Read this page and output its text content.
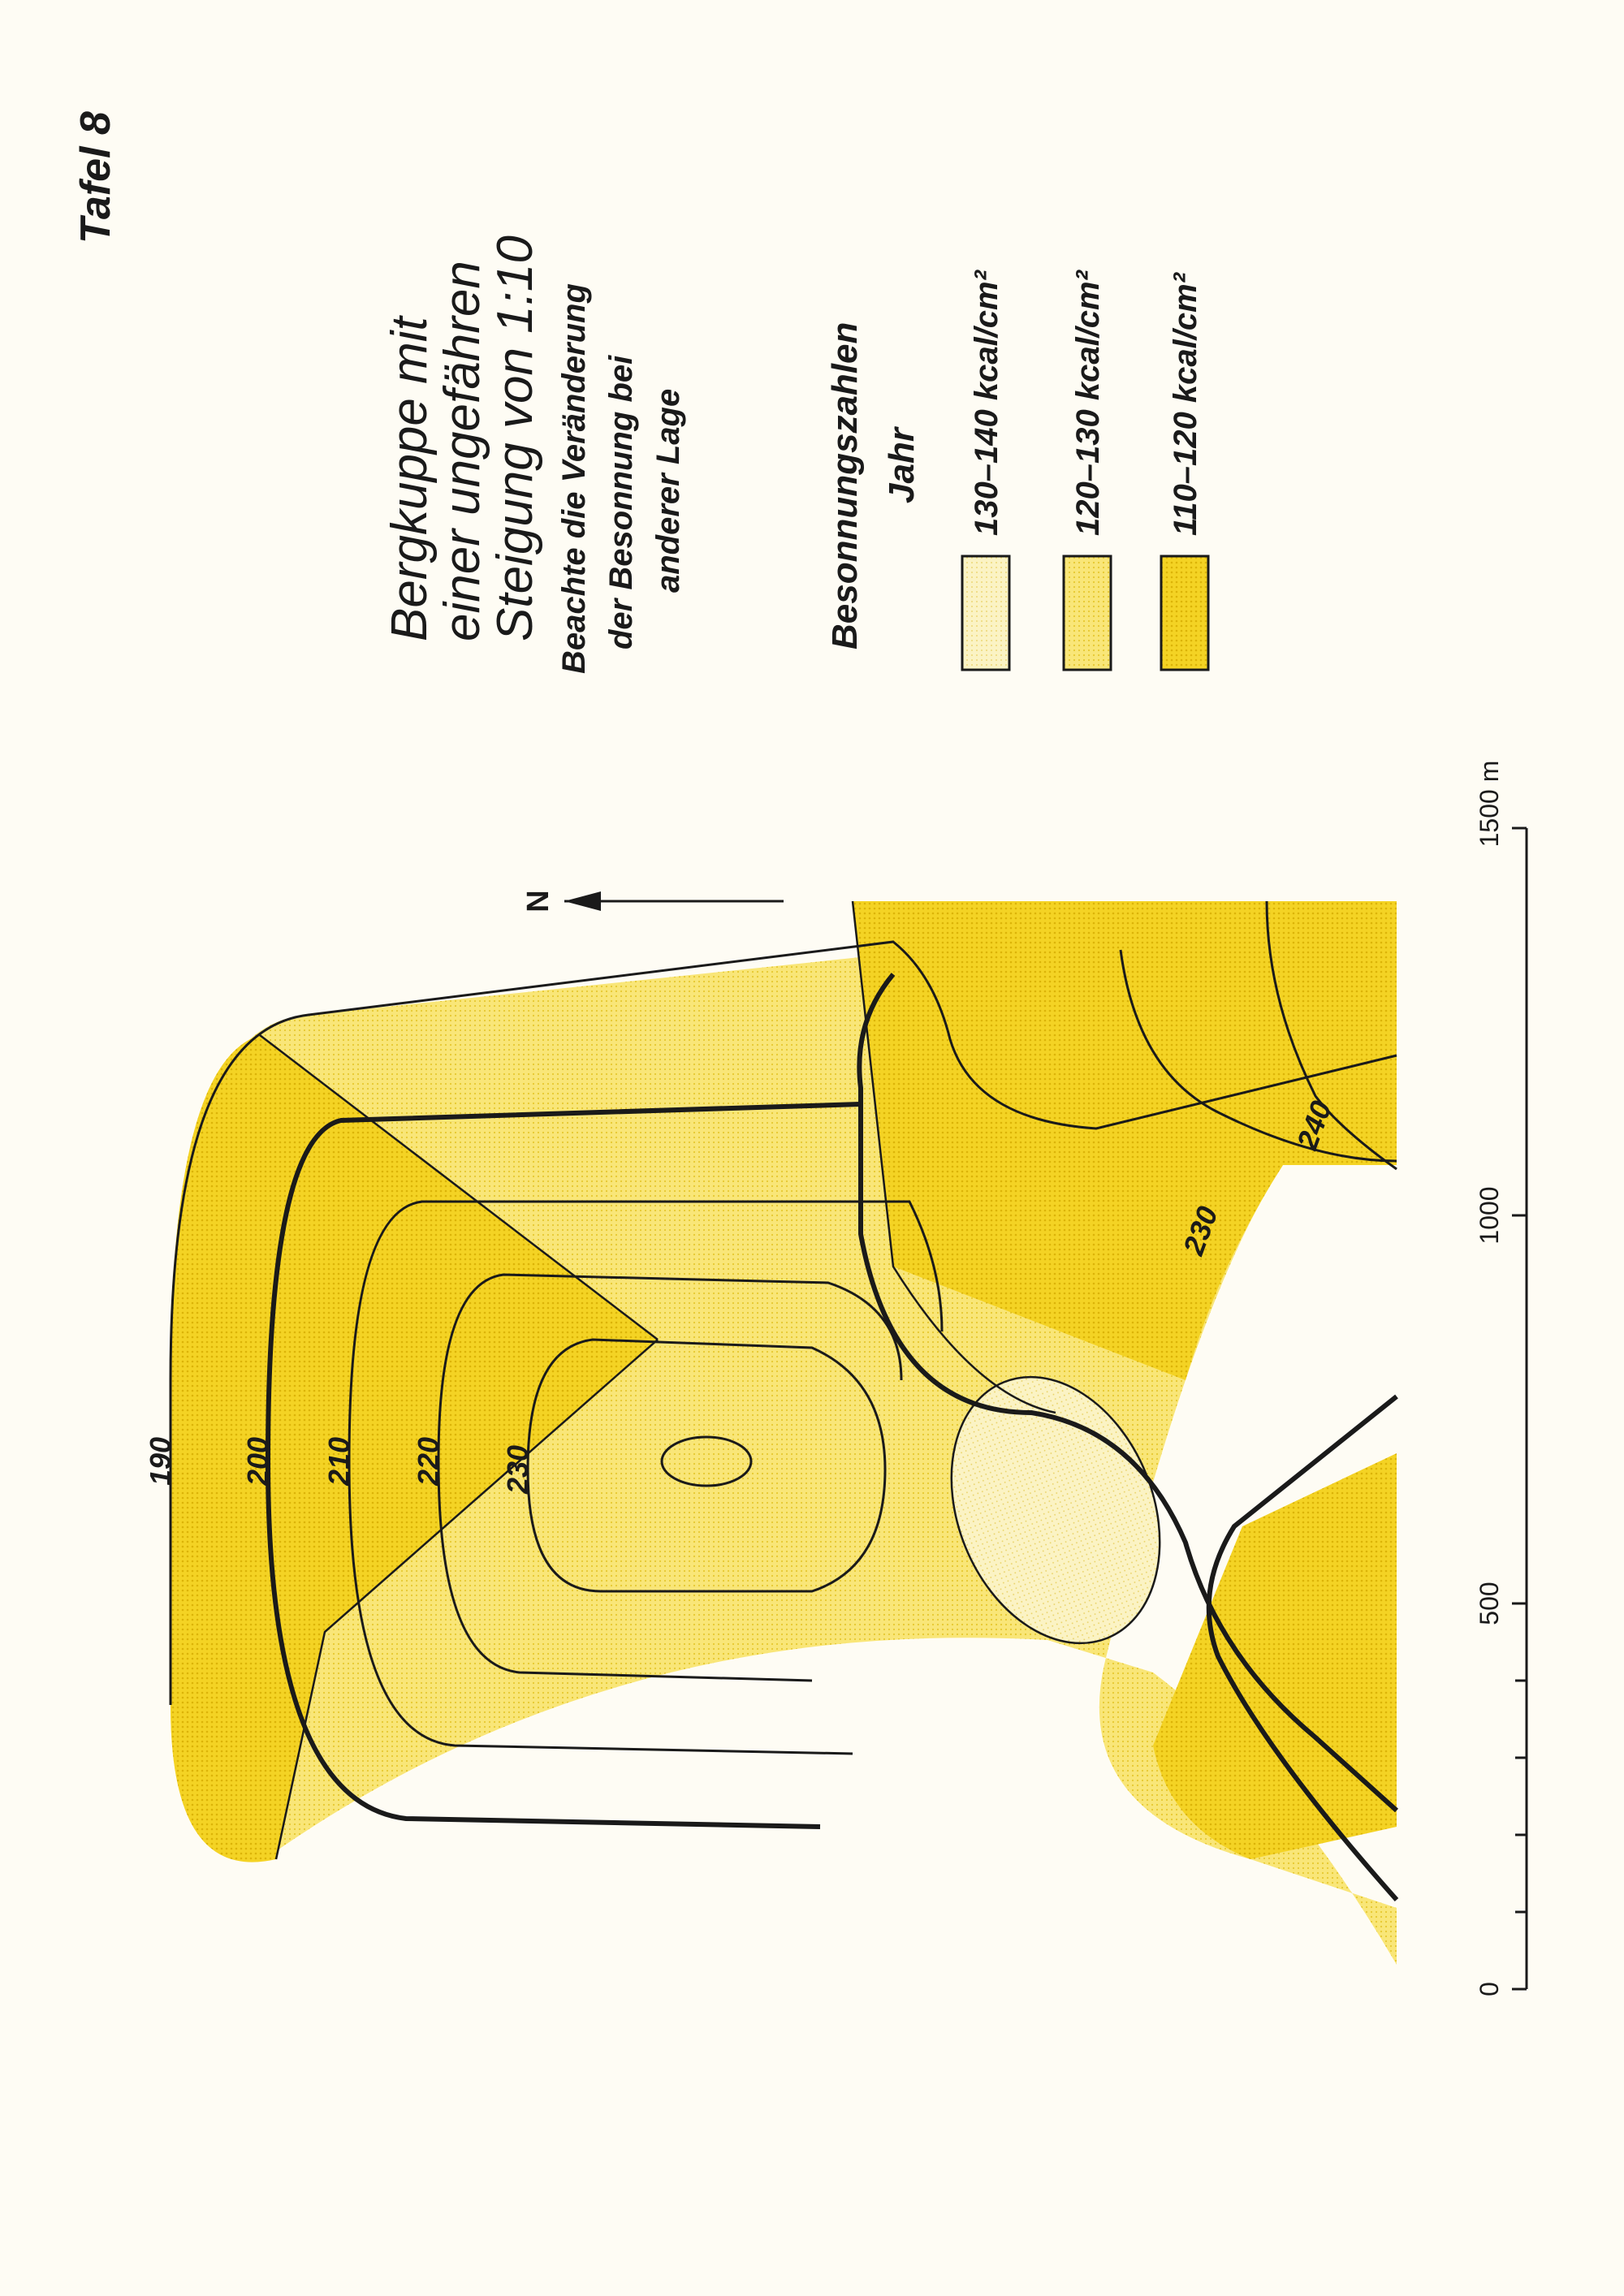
190 200 210 220 230
230
240
N
0
500
1000
1500 m
Tafel 8
Bergkuppe mit
einer ungefähren
Steigung von 1:10 Beachte die Veränderung der Besonnung bei anderer Lage	Besonnungszahlen Jahr 130–140 kcal/cm² 120–130 kcal/cm² 110–120 kcal/cm²
